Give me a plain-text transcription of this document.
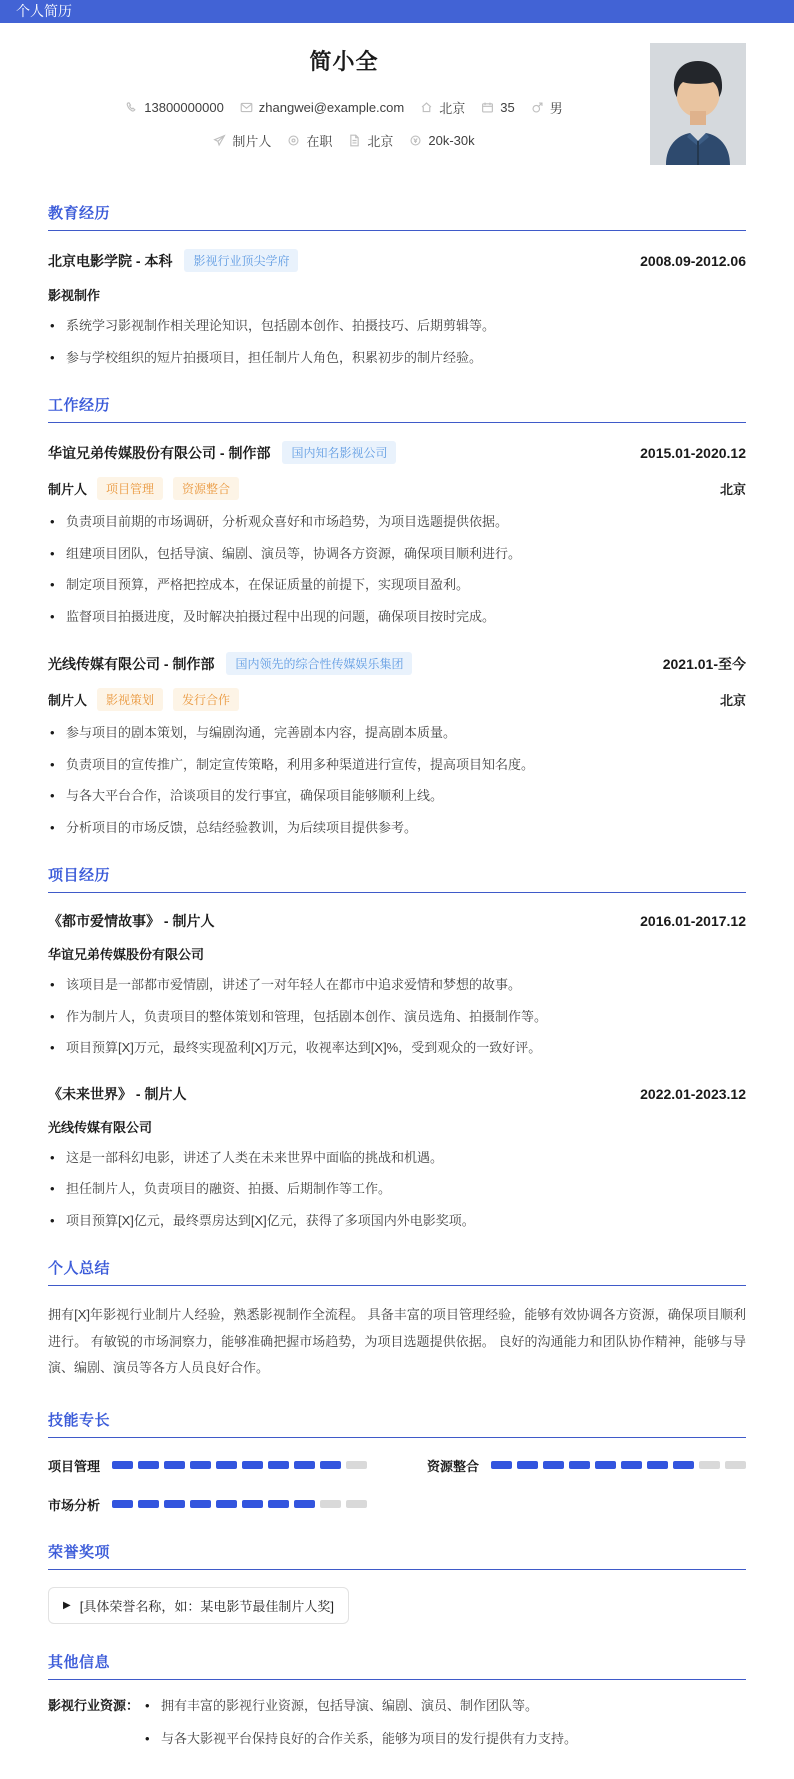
个人简历
简小全
13800000000	zhangwei@example.com	北京	35	男
制片人	在职	北京	20k-30k
教育经历
北京电影学院 - 本科	影视行业顶尖学府	2008.09-2012.06
影视制作
• 系统学习影视制作相关理论知识，包括剧本创作、拍摄技巧、后期剪辑等。
• 参与学校组织的短片拍摄项目，担任制片人角色，积累初步的制片经验。
工作经历
华谊兄弟传媒股份有限公司 - 制作部	国内知名影视公司	2015.01-2020.12
制片人	项目管理	资源整合	北京
• 负责项目前期的市场调研，分析观众喜好和市场趋势，为项目选题提供依据。
• 组建项目团队，包括导演、编剧、演员等，协调各方资源，确保项目顺利进行。
• 制定项目预算，严格把控成本，在保证质量的前提下，实现项目盈利。
• 监督项目拍摄进度，及时解决拍摄过程中出现的问题，确保项目按时完成。
光线传媒有限公司 - 制作部	国内领先的综合性传媒娱乐集团	2021.01-至今
制片人	影视策划	发行合作	北京
• 参与项目的剧本策划，与编剧沟通，完善剧本内容，提高剧本质量。
• 负责项目的宣传推广，制定宣传策略，利用多种渠道进行宣传，提高项目知名度。
• 与各大平台合作，洽谈项目的发行事宜，确保项目能够顺利上线。
• 分析项目的市场反馈，总结经验教训，为后续项目提供参考。
项目经历
《都市爱情故事》 - 制片人	2016.01-2017.12
华谊兄弟传媒股份有限公司
• 该项目是一部都市爱情剧，讲述了一对年轻人在都市中追求爱情和梦想的故事。
• 作为制片人，负责项目的整体策划和管理，包括剧本创作、演员选角、拍摄制作等。
• 项目预算[X]万元，最终实现盈利[X]万元，收视率达到[X]%，受到观众的一致好评。
《未来世界》 - 制片人	2022.01-2023.12
光线传媒有限公司
• 这是一部科幻电影，讲述了人类在未来世界中面临的挑战和机遇。
• 担任制片人，负责项目的融资、拍摄、后期制作等工作。
• 项目预算[X]亿元，最终票房达到[X]亿元，获得了多项国内外电影奖项。
个人总结

拥有[X]年影视行业制片人经验，熟悉影视制作全流程。 具备丰富的项目管理经验，能够有效协调各方资源，确保项目顺利进行。 有敏锐的市场洞察力，能够准确把握市场趋势，为项目选题提供依据。 良好的沟通能力和团队协作精神，能够与导演、编剧、演员等各方人员良好合作。

技能专长
项目管理	资源整合
市场分析
荣誉奖项
▶ [具体荣誉名称，如：某电影节最佳制片人奖]
其他信息
影视行业资源：	• 拥有丰富的影视行业资源，包括导演、编剧、演员、制作团队等。
• 与各大影视平台保持良好的合作关系，能够为项目的发行提供有力支持。
